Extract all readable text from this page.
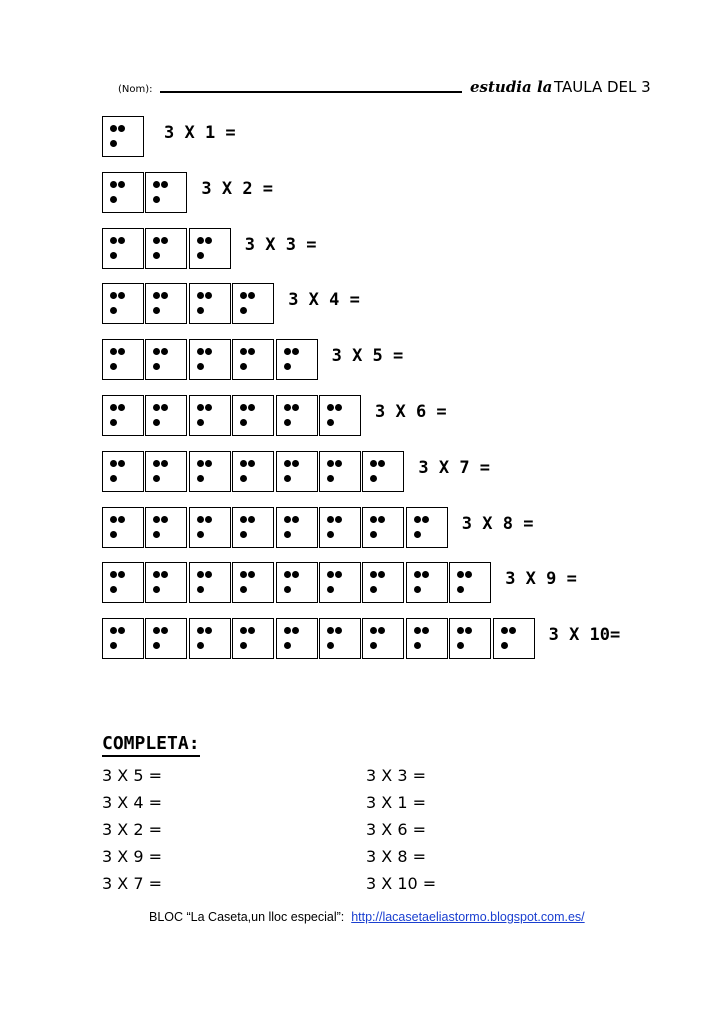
(Nom):	estudia la TAULA DEL 3
3 X 1 =
3 X 2 =
3 X 3 =
3 X 4 =
3 X 5 =
3 X 6 =
3 X 7 =
3 X 8 =
3 X 9 =
3 X 10=
COMPLETA:
3 X 5 =
3 X 4 =
3 X 2 =
3 X 9 =
3 X 7 =
3 X 3 =
3 X 1 =
3 X 6 =
3 X 8 =
3 X 10 =
BLOC “La Caseta,un lloc especial”: http://lacasetaeliastormo.blogspot.com.es/
